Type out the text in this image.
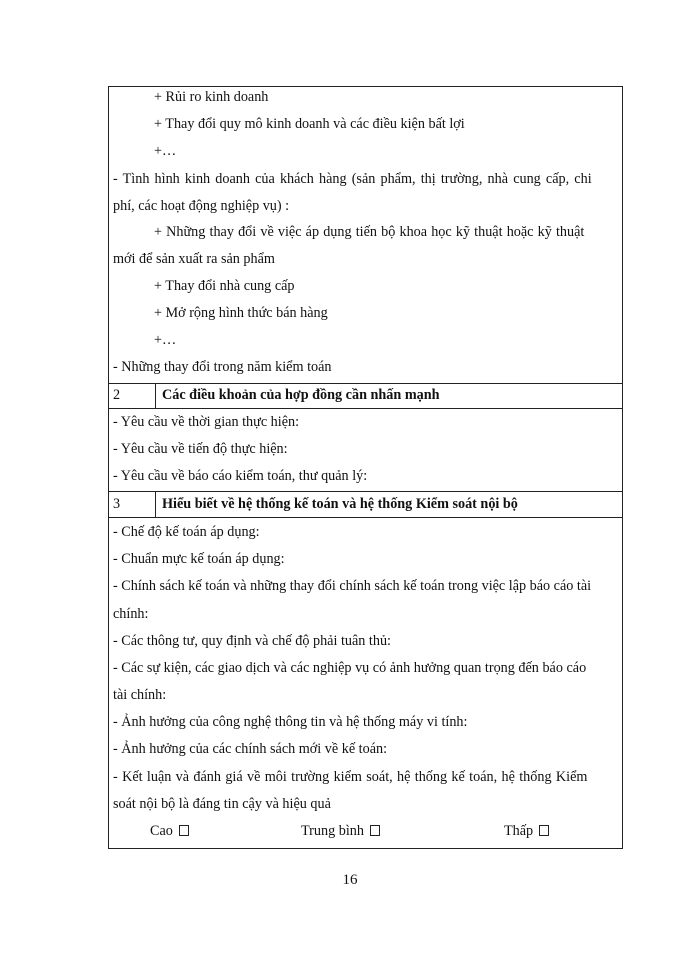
+ Rủi ro kinh doanh
+ Thay đổi quy mô kinh doanh và các điều kiện bất lợi
+…
- Tình hình kinh doanh của khách hàng (sản phẩm, thị trường, nhà cung cấp, chi
phí, các hoạt động nghiệp vụ) :
+ Những thay đổi về việc áp dụng tiến bộ khoa học kỹ thuật hoặc kỹ thuật
mới để sản xuất ra sản phẩm
+ Thay đổi nhà cung cấp
+ Mở rộng hình thức bán hàng
+…
- Những thay đổi trong năm kiểm toán
2	Các điều khoản của hợp đồng cần nhấn mạnh
- Yêu cầu về thời gian thực hiện:
- Yêu cầu về tiến độ thực hiện:
- Yêu cầu về báo cáo kiểm toán, thư quản lý:
3	Hiểu biết về hệ thống kế toán và hệ thống Kiểm soát nội bộ
- Chế độ kế toán áp dụng:
- Chuẩn mực kế toán áp dụng:
- Chính sách kế toán và những thay đổi chính sách kế toán trong việc lập báo cáo tài
chính:
- Các thông tư, quy định và chế độ phải tuân thủ:
- Các sự kiện, các giao dịch và các nghiệp vụ có ảnh hưởng quan trọng đến báo cáo
tài chính:
- Ảnh hưởng của công nghệ thông tin và hệ thống máy vi tính:
- Ảnh hưởng của các chính sách mới về kế toán:
- Kết luận và đánh giá về môi trường kiểm soát, hệ thống kế toán, hệ thống Kiểm
soát nội bộ là đáng tin cậy và hiệu quả
Cao	Trung bình	Thấp
16
